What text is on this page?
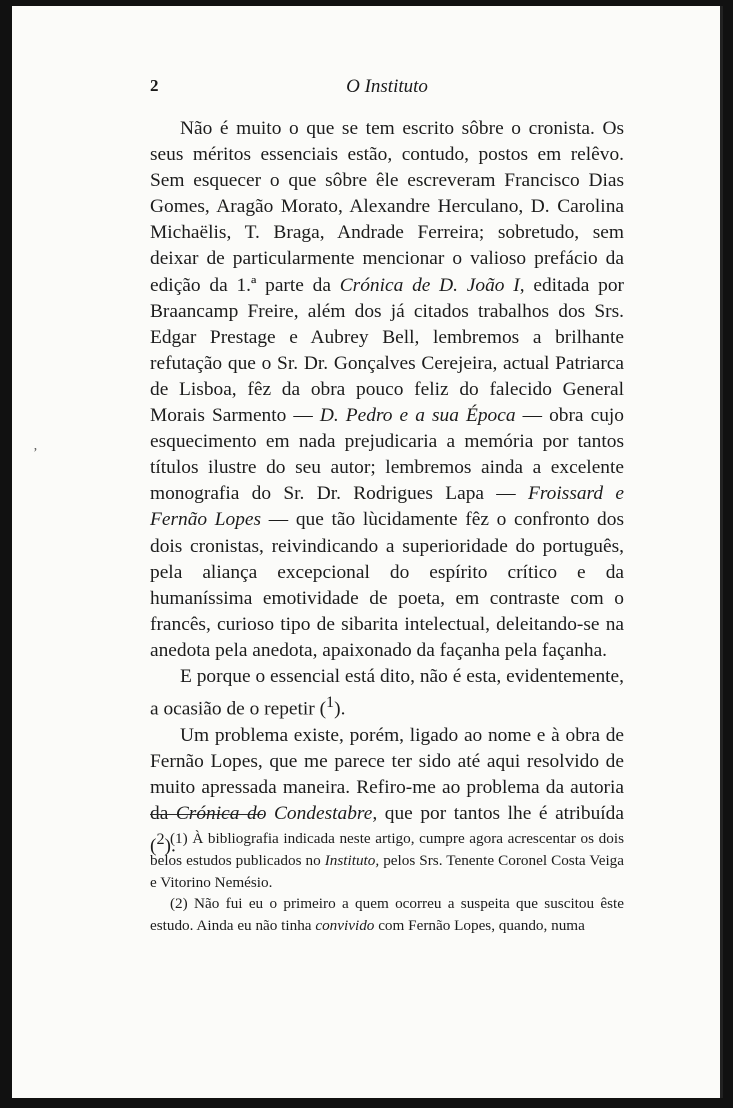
2	O Instituto

Não é muito o que se tem escrito sôbre o cronista. Os seus méritos essenciais estão, contudo, postos em relêvo. Sem esquecer o que sôbre êle escreveram Francisco Dias Gomes, Aragão Morato, Alexandre Herculano, D. Carolina Michaëlis, T. Braga, Andrade Ferreira; sobretudo, sem deixar de particularmente mencionar o valioso prefácio da edição da 1.ª parte da Crónica de D. João I, editada por Braancamp Freire, além dos já citados trabalhos dos Srs. Edgar Prestage e Aubrey Bell, lembremos a brilhante refutação que o Sr. Dr. Gonçalves Cerejeira, actual Patriarca de Lisboa, fêz da obra pouco feliz do falecido General Morais Sarmento — D. Pedro e a sua Época — obra cujo esquecimento em nada prejudicaria a memória por tantos títulos ilustre do seu autor; lembremos ainda a excelente monografia do Sr. Dr. Rodrigues Lapa — Froissard e Fernão Lopes — que tão lùcidamente fêz o confronto dos dois cronistas, reivindicando a superioridade do português, pela aliança excepcional do espírito crítico e da humaníssima emotividade de poeta, em contraste com o francês, curioso tipo de sibarita intelectual, deleitando-se na anedota pela anedota, apaixonado da façanha pela façanha.

E porque o essencial está dito, não é esta, evidentemente, a ocasião de o repetir ($^1$).

Um problema existe, porém, ligado ao nome e à obra de Fernão Lopes, que me parece ter sido até aqui resolvido de muito apressada maneira. Refiro-me ao problema da autoria da Crónica do Condestabre, que por tantos lhe é atribuída ($^2$).

(1) À bibliografia indicada neste artigo, cumpre agora acrescentar os dois belos estudos publicados no Instituto, pelos Srs. Tenente Coronel Costa Veiga e Vitorino Nemésio.

(2) Não fui eu o primeiro a quem ocorreu a suspeita que suscitou êste estudo. Ainda eu não tinha convivido com Fernão Lopes, quando, numa

ʼ
